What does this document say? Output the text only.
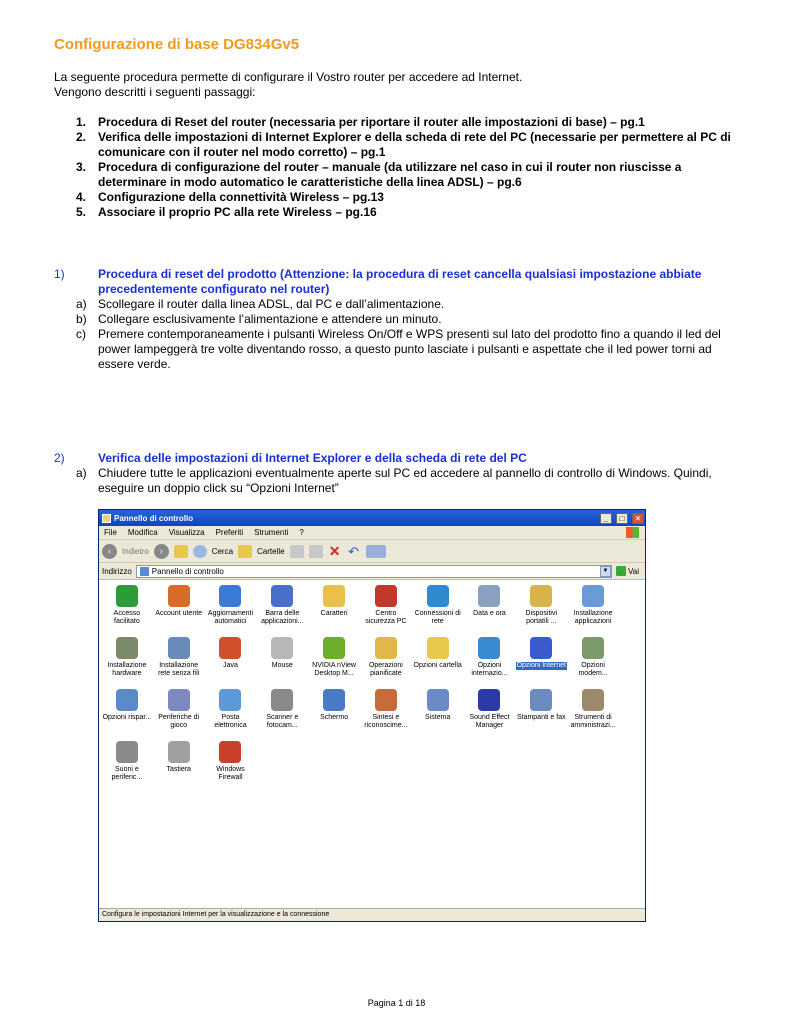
Configurazione di base DG834Gv5
La seguente procedura permette di configurare il Vostro router per accedere ad Internet.
Vengono descritti i seguenti passaggi:
1. Procedura di Reset del router (necessaria per riportare il router alle impostazioni di base) – pg.1
2. Verifica delle impostazioni di Internet Explorer e della scheda di rete del PC (necessarie per permettere al PC di comunicare con il router nel modo corretto) – pg.1
3. Procedura di configurazione del router – manuale (da utilizzare nel caso in cui il router non riuscisse a determinare in modo automatico le caratteristiche della linea ADSL) – pg.6
4. Configurazione della connettività Wireless – pg.13
5. Associare il proprio PC alla rete Wireless – pg.16
1)	Procedura di reset del prodotto (Attenzione: la procedura di reset cancella qualsiasi impostazione abbiate precedentemente configurato nel router)
a) Scollegare il router dalla linea ADSL, dal PC e dall’alimentazione.
b) Collegare esclusivamente l’alimentazione e attendere un minuto.
c)	Premere contemporaneamente i pulsanti Wireless On/Off e WPS presenti sul lato del prodotto fino a quando il led del power lampeggerà tre volte diventando rosso, a questo punto lasciate i pulsanti e aspettate che il led power torni ad essere verde.
2)	Verifica delle impostazioni di Internet Explorer e della scheda di rete del PC
a) Chiudere tutte le applicazioni eventualmente aperte sul PC ed accedere al pannello di controllo di Windows. Quindi, eseguire un doppio click su “Opzioni Internet”
Pannello di controllo	_	□	×
File Modifica Visualizza Preferiti Strumenti ?
‹	Indietro	›	Cerca	Cartelle	✕ ↶
Indirizzo	Pannello di controllo	▼	Vai
Accesso facilitato
Account utente Aggiornamenti automatici
Barra delle applicazioni...
Caratteri	Centro sicurezza PC
Connessioni di rete
Data e ora	Dispositivi portatili ...
Installazione applicazioni
Installazione hardware
Installazione rete senza fili
Java	Mouse	NVIDIA nView Desktop M...
Operazioni pianificate
Opzioni cartella	Opzioni internazio...
Opzioni Internet	Opzioni modem...
Opzioni rispar...	Periferiche di gioco
Posta elettronica
Scanner e fotocam...
Schermo	Sintesi e riconoscime...
Sistema	Sound Effect Manager
Stampanti e fax	Strumenti di amministrazi...
Suoni e periferic...
Tastiera	Windows Firewall
Configura le impostazioni Internet per la visualizzazione e la connessione
Pagina 1 di 18
